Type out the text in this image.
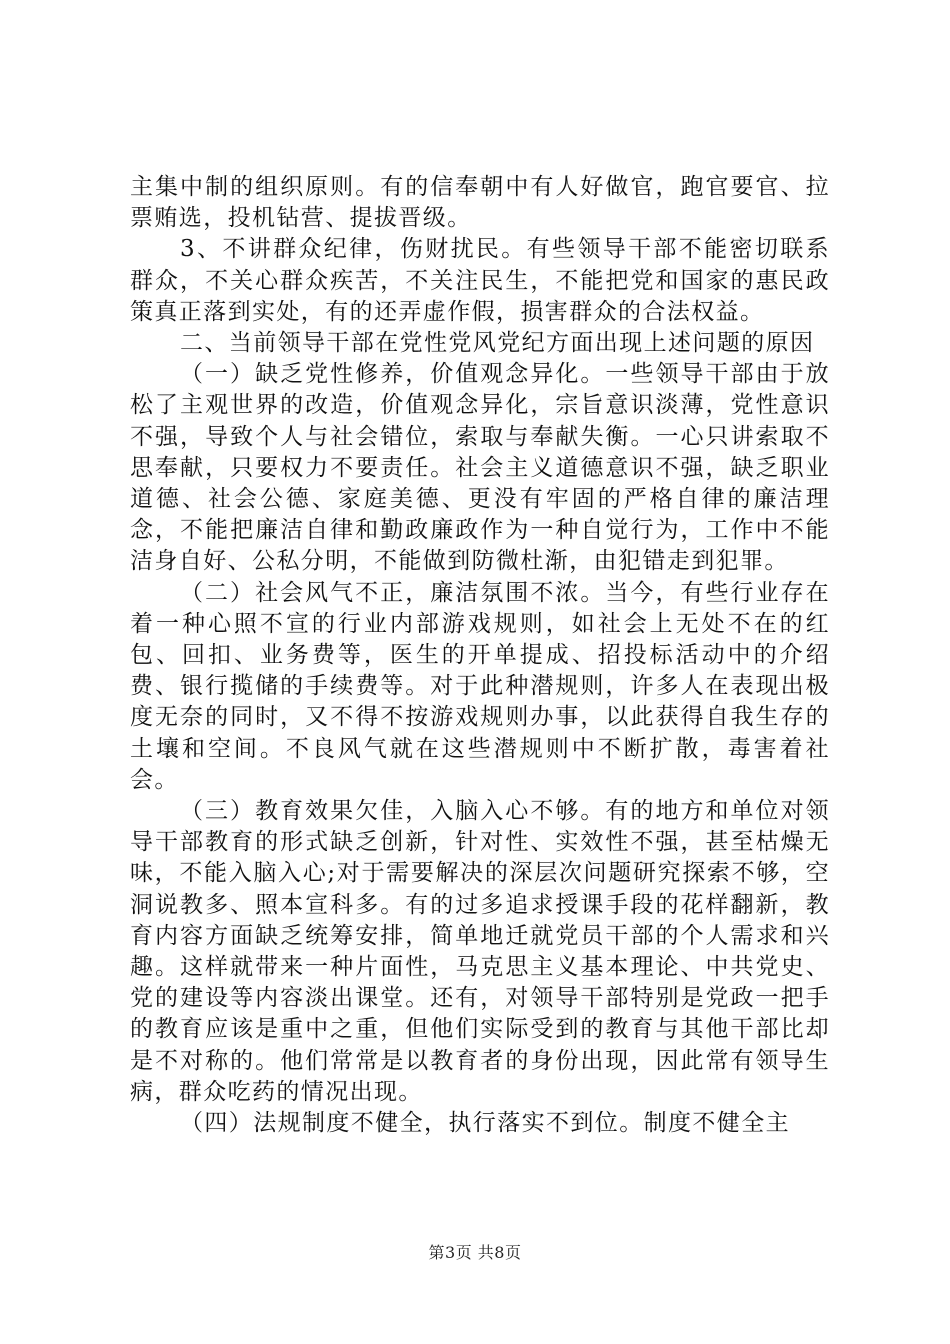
主集中制的组织原则。有的信奉朝中有人好做官，跑官要官、拉票贿选，投机钻营、提拔晋级。

3、不讲群众纪律，伤财扰民。有些领导干部不能密切联系群众，不关心群众疾苦，不关注民生，不能把党和国家的惠民政策真正落到实处，有的还弄虚作假，损害群众的合法权益。

二、当前领导干部在党性党风党纪方面出现上述问题的原因

（一）缺乏党性修养，价值观念异化。一些领导干部由于放松了主观世界的改造，价值观念异化，宗旨意识淡薄，党性意识不强，导致个人与社会错位，索取与奉献失衡。一心只讲索取不思奉献，只要权力不要责任。社会主义道德意识不强，缺乏职业道德、社会公德、家庭美德、更没有牢固的严格自律的廉洁理念，不能把廉洁自律和勤政廉政作为一种自觉行为，工作中不能洁身自好、公私分明，不能做到防微杜渐，由犯错走到犯罪。

（二）社会风气不正，廉洁氛围不浓。当今，有些行业存在着一种心照不宣的行业内部游戏规则，如社会上无处不在的红包、回扣、业务费等，医生的开单提成、招投标活动中的介绍费、银行揽储的手续费等。对于此种潜规则，许多人在表现出极度无奈的同时，又不得不按游戏规则办事，以此获得自我生存的土壤和空间。不良风气就在这些潜规则中不断扩散，毒害着社会。

（三）教育效果欠佳，入脑入心不够。有的地方和单位对领导干部教育的形式缺乏创新，针对性、实效性不强，甚至枯燥无味，不能入脑入心;对于需要解决的深层次问题研究探索不够，空洞说教多、照本宣科多。有的过多追求授课手段的花样翻新，教育内容方面缺乏统筹安排，简单地迁就党员干部的个人需求和兴趣。这样就带来一种片面性，马克思主义基本理论、中共党史、党的建设等内容淡出课堂。还有，对领导干部特别是党政一把手的教育应该是重中之重，但他们实际受到的教育与其他干部比却是不对称的。他们常常是以教育者的身份出现，因此常有领导生病，群众吃药的情况出现。

（四）法规制度不健全，执行落实不到位。制度不健全主

第3页 共8页
